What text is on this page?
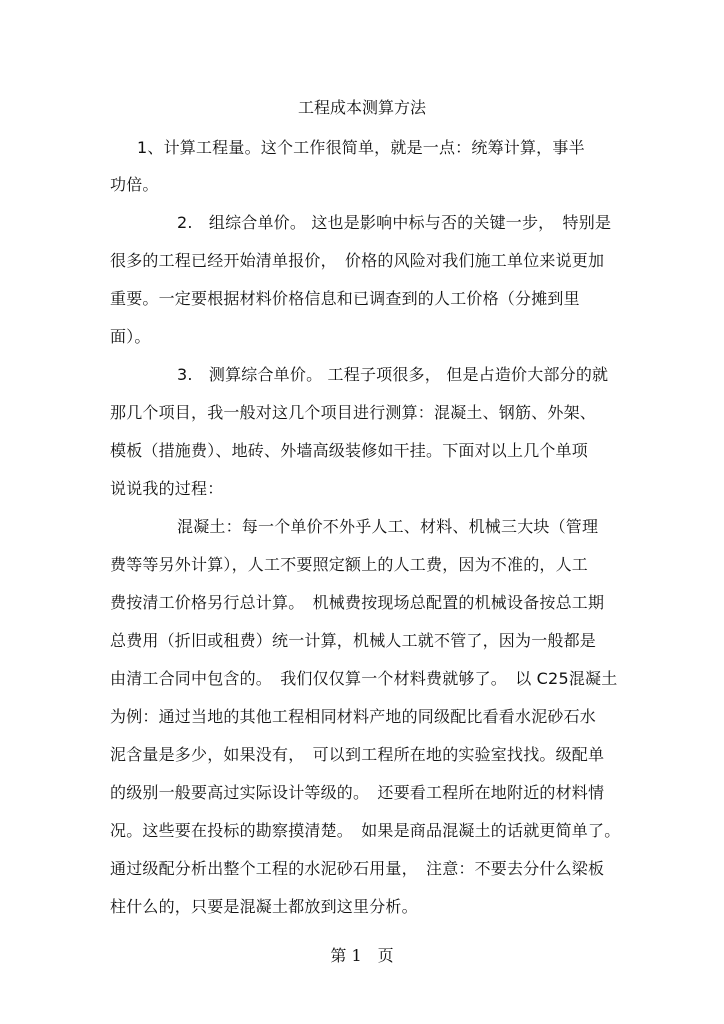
工程成本测算方法
1、计算工程量。这个工作很简单，就是一点：统筹计算，事半
功倍。
2.　组综合单价。 这也是影响中标与否的关键一步，　特别是
很多的工程已经开始清单报价，　价格的风险对我们施工单位来说更加
重要。一定要根据材料价格信息和已调查到的人工价格（分摊到里
面）。
3.　测算综合单价。 工程子项很多， 但是占造价大部分的就
那几个项目，我一般对这几个项目进行测算：混凝土、钢筋、外架、
模板（措施费）、地砖、外墙高级装修如干挂。下面对以上几个单项
说说我的过程：
混凝土：每一个单价不外乎人工、材料、机械三大块（管理
费等等另外计算），人工不要照定额上的人工费，因为不准的，人工
费按清工价格另行总计算。　机械费按现场总配置的机械设备按总工期
总费用（折旧或租费）统一计算，机械人工就不管了，因为一般都是
由清工合同中包含的。　我们仅仅算一个材料费就够了。　以 C25混凝土
为例：通过当地的其他工程相同材料产地的同级配比看看水泥砂石水
泥含量是多少，如果没有，　可以到工程所在地的实验室找找。级配单
的级别一般要高过实际设计等级的。　还要看工程所在地附近的材料情
况。这些要在投标的勘察摸清楚。　如果是商品混凝土的话就更简单了。
通过级配分析出整个工程的水泥砂石用量，　注意：不要去分什么梁板
柱什么的，只要是混凝土都放到这里分析。
第 1　页
